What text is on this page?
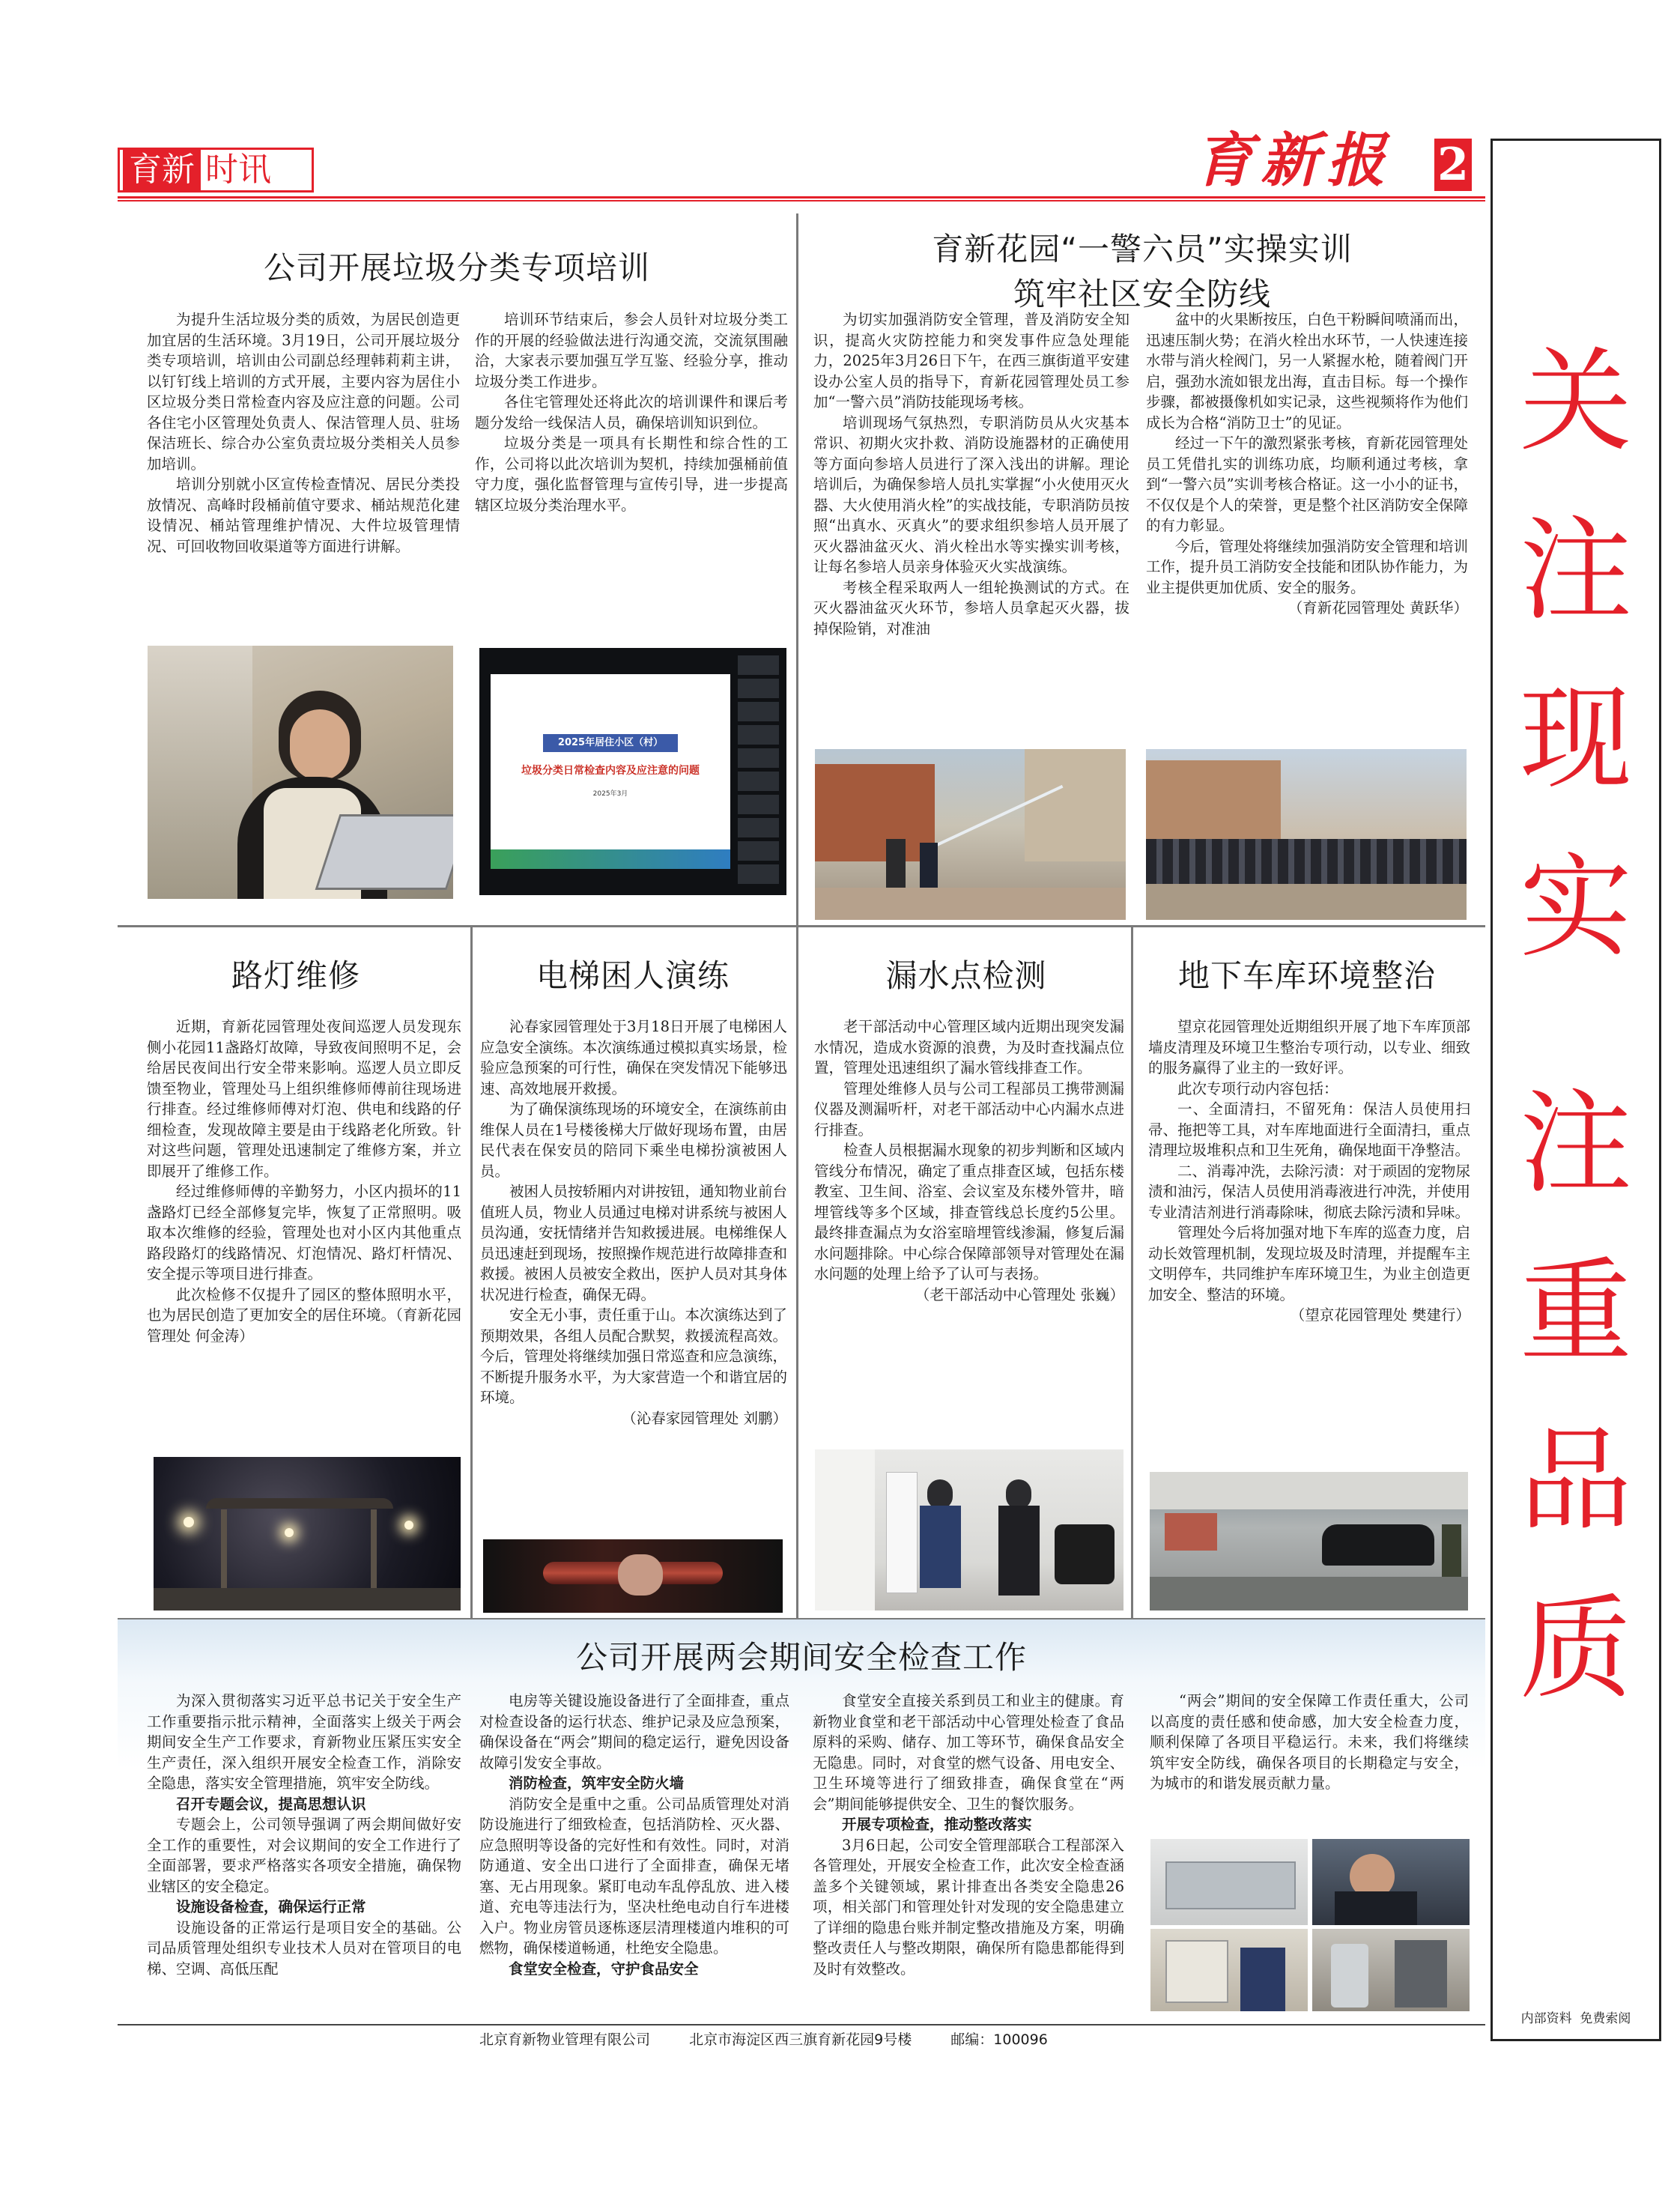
育新 时讯	育新报	2
关注现实
注重品质
内部资料  免费索阅
公司开展垃圾分类专项培训

为提升生活垃圾分类的质效，为居民创造更加宜居的生活环境。3月19日，公司开展垃圾分类专项培训，培训由公司副总经理韩莉莉主讲，以钉钉线上培训的方式开展，主要内容为居住小区垃圾分类日常检查内容及应注意的问题。公司各住宅小区管理处负责人、保洁管理人员、驻场保洁班长、综合办公室负责垃圾分类相关人员参加培训。

培训分别就小区宣传检查情况、居民分类投放情况、高峰时段桶前值守要求、桶站规范化建设情况、桶站管理维护情况、大件垃圾管理情况、可回收物回收渠道等方面进行讲解。

培训环节结束后，参会人员针对垃圾分类工作的开展的经验做法进行沟通交流，交流氛围融洽，大家表示要加强互学互鉴、经验分享，推动垃圾分类工作进步。

各住宅管理处还将此次的培训课件和课后考题分发给一线保洁人员，确保培训知识到位。

垃圾分类是一项具有长期性和综合性的工作，公司将以此次培训为契机，持续加强桶前值守力度，强化监督管理与宣传引导，进一步提高辖区垃圾分类治理水平。

2025年居住小区（村）
垃圾分类日常检查内容及应注意的问题
2025年3月
育新花园“一警六员”实操实训
筑牢社区安全防线

为切实加强消防安全管理，普及消防安全知识，提高火灾防控能力和突发事件应急处理能力，2025年3月26日下午，在西三旗街道平安建设办公室人员的指导下，育新花园管理处员工参加“一警六员”消防技能现场考核。

培训现场气氛热烈，专职消防员从火灾基本常识、初期火灾扑救、消防设施器材的正确使用等方面向参培人员进行了深入浅出的讲解。理论培训后，为确保参培人员扎实掌握“小火使用灭火器、大火使用消火栓”的实战技能，专职消防员按照“出真水、灭真火”的要求组织参培人员开展了灭火器油盆灭火、消火栓出水等实操实训考核，让每名参培人员亲身体验灭火实战演练。

考核全程采取两人一组轮换测试的方式。在灭火器油盆灭火环节，参培人员拿起灭火器，拔掉保险销，对准油

盆中的火果断按压，白色干粉瞬间喷涌而出，迅速压制火势；在消火栓出水环节，一人快速连接水带与消火栓阀门，另一人紧握水枪，随着阀门开启，强劲水流如银龙出海，直击目标。每一个操作步骤，都被摄像机如实记录，这些视频将作为他们成长为合格“消防卫士”的见证。

经过一下午的激烈紧张考核，育新花园管理处员工凭借扎实的训练功底，均顺利通过考核，拿到“一警六员”实训考核合格证。这一小小的证书，不仅仅是个人的荣誉，更是整个社区消防安全保障的有力彰显。

今后，管理处将继续加强消防安全管理和培训工作，提升员工消防安全技能和团队协作能力，为业主提供更加优质、安全的服务。

（育新花园管理处 黄跃华）

路灯维修

近期，育新花园管理处夜间巡逻人员发现东侧小花园11盏路灯故障，导致夜间照明不足，会给居民夜间出行安全带来影响。巡逻人员立即反馈至物业，管理处马上组织维修师傅前往现场进行排查。经过维修师傅对灯泡、供电和线路的仔细检查，发现故障主要是由于线路老化所致。针对这些问题，管理处迅速制定了维修方案，并立即展开了维修工作。

经过维修师傅的辛勤努力，小区内损坏的11盏路灯已经全部修复完毕，恢复了正常照明。吸取本次维修的经验，管理处也对小区内其他重点路段路灯的线路情况、灯泡情况、路灯杆情况、安全提示等项目进行排查。

此次检修不仅提升了园区的整体照明水平，也为居民创造了更加安全的居住环境。（育新花园管理处 何金涛）

电梯困人演练

沁春家园管理处于3月18日开展了电梯困人应急安全演练。本次演练通过模拟真实场景，检验应急预案的可行性，确保在突发情况下能够迅速、高效地展开救援。

为了确保演练现场的环境安全，在演练前由维保人员在1号楼後梯大厅做好现场布置，由居民代表在保安员的陪同下乘坐电梯扮演被困人员。

被困人员按轿厢内对讲按钮，通知物业前台值班人员，物业人员通过电梯对讲系统与被困人员沟通，安抚情绪并告知救援进展。电梯维保人员迅速赶到现场，按照操作规范进行故障排查和救援。被困人员被安全救出，医护人员对其身体状况进行检查，确保无碍。

安全无小事，责任重于山。本次演练达到了预期效果，各组人员配合默契，救援流程高效。今后，管理处将继续加强日常巡查和应急演练，不断提升服务水平，为大家营造一个和谐宜居的环境。

（沁春家园管理处 刘鹏）

漏水点检测

老干部活动中心管理区域内近期出现突发漏水情况，造成水资源的浪费，为及时查找漏点位置，管理处迅速组织了漏水管线排查工作。

管理处维修人员与公司工程部员工携带测漏仪器及测漏听杆，对老干部活动中心内漏水点进行排查。

检查人员根据漏水现象的初步判断和区域内管线分布情况，确定了重点排查区域，包括东楼教室、卫生间、浴室、会议室及东楼外管井，暗埋管线等多个区域，排查管线总长度约5公里。最终排查漏点为女浴室暗埋管线渗漏，修复后漏水问题排除。中心综合保障部领导对管理处在漏水问题的处理上给予了认可与表扬。

（老干部活动中心管理处 张巍）

地下车库环境整治

望京花园管理处近期组织开展了地下车库顶部墙皮清理及环境卫生整治专项行动，以专业、细致的服务赢得了业主的一致好评。

此次专项行动内容包括：

一、全面清扫，不留死角：保洁人员使用扫帚、拖把等工具，对车库地面进行全面清扫，重点清理垃圾堆积点和卫生死角，确保地面干净整洁。

二、消毒冲洗，去除污渍：对于顽固的宠物尿渍和油污，保洁人员使用消毒液进行冲洗，并使用专业清洁剂进行消毒除味，彻底去除污渍和异味。

管理处今后将加强对地下车库的巡查力度，启动长效管理机制，发现垃圾及时清理，并提醒车主文明停车，共同维护车库环境卫生，为业主创造更加安全、整洁的环境。

（望京花园管理处 樊建行）

公司开展两会期间安全检查工作

为深入贯彻落实习近平总书记关于安全生产工作重要指示批示精神，全面落实上级关于两会期间安全生产工作要求，育新物业压紧压实安全生产责任，深入组织开展安全检查工作，消除安全隐患，落实安全管理措施，筑牢安全防线。

召开专题会议，提高思想认识

专题会上，公司领导强调了两会期间做好安全工作的重要性，对会议期间的安全工作进行了全面部署，要求严格落实各项安全措施，确保物业辖区的安全稳定。

设施设备检查，确保运行正常

设施设备的正常运行是项目安全的基础。公司品质管理处组织专业技术人员对在管项目的电梯、空调、高低压配

电房等关键设施设备进行了全面排查，重点对检查设备的运行状态、维护记录及应急预案，确保设备在“两会”期间的稳定运行，避免因设备故障引发安全事故。

消防检查，筑牢安全防火墙

消防安全是重中之重。公司品质管理处对消防设施进行了细致检查，包括消防栓、灭火器、应急照明等设备的完好性和有效性。同时，对消防通道、安全出口进行了全面排查，确保无堵塞、无占用现象。紧盯电动车乱停乱放、进入楼道、充电等违法行为，坚决杜绝电动自行车进楼入户。物业房管员逐栋逐层清理楼道内堆积的可燃物，确保楼道畅通，杜绝安全隐患。

食堂安全检查，守护食品安全

食堂安全直接关系到员工和业主的健康。育新物业食堂和老干部活动中心管理处检查了食品原料的采购、储存、加工等环节，确保食品安全无隐患。同时，对食堂的燃气设备、用电安全、卫生环境等进行了细致排查，确保食堂在“两会”期间能够提供安全、卫生的餐饮服务。

开展专项检查，推动整改落实

3月6日起，公司安全管理部联合工程部深入各管理处，开展安全检查工作，此次安全检查涵盖多个关键领域，累计排查出各类安全隐患26项，相关部门和管理处针对发现的安全隐患建立了详细的隐患台账并制定整改措施及方案，明确整改责任人与整改期限，确保所有隐患都能得到及时有效整改。

“两会”期间的安全保障工作责任重大，公司以高度的责任感和使命感，加大安全检查力度，顺利保障了各项目平稳运行。未来，我们将继续筑牢安全防线，确保各项目的长期稳定与安全，为城市的和谐发展贡献力量。

北京育新物业管理有限公司	北京市海淀区西三旗育新花园9号楼	邮编：100096
